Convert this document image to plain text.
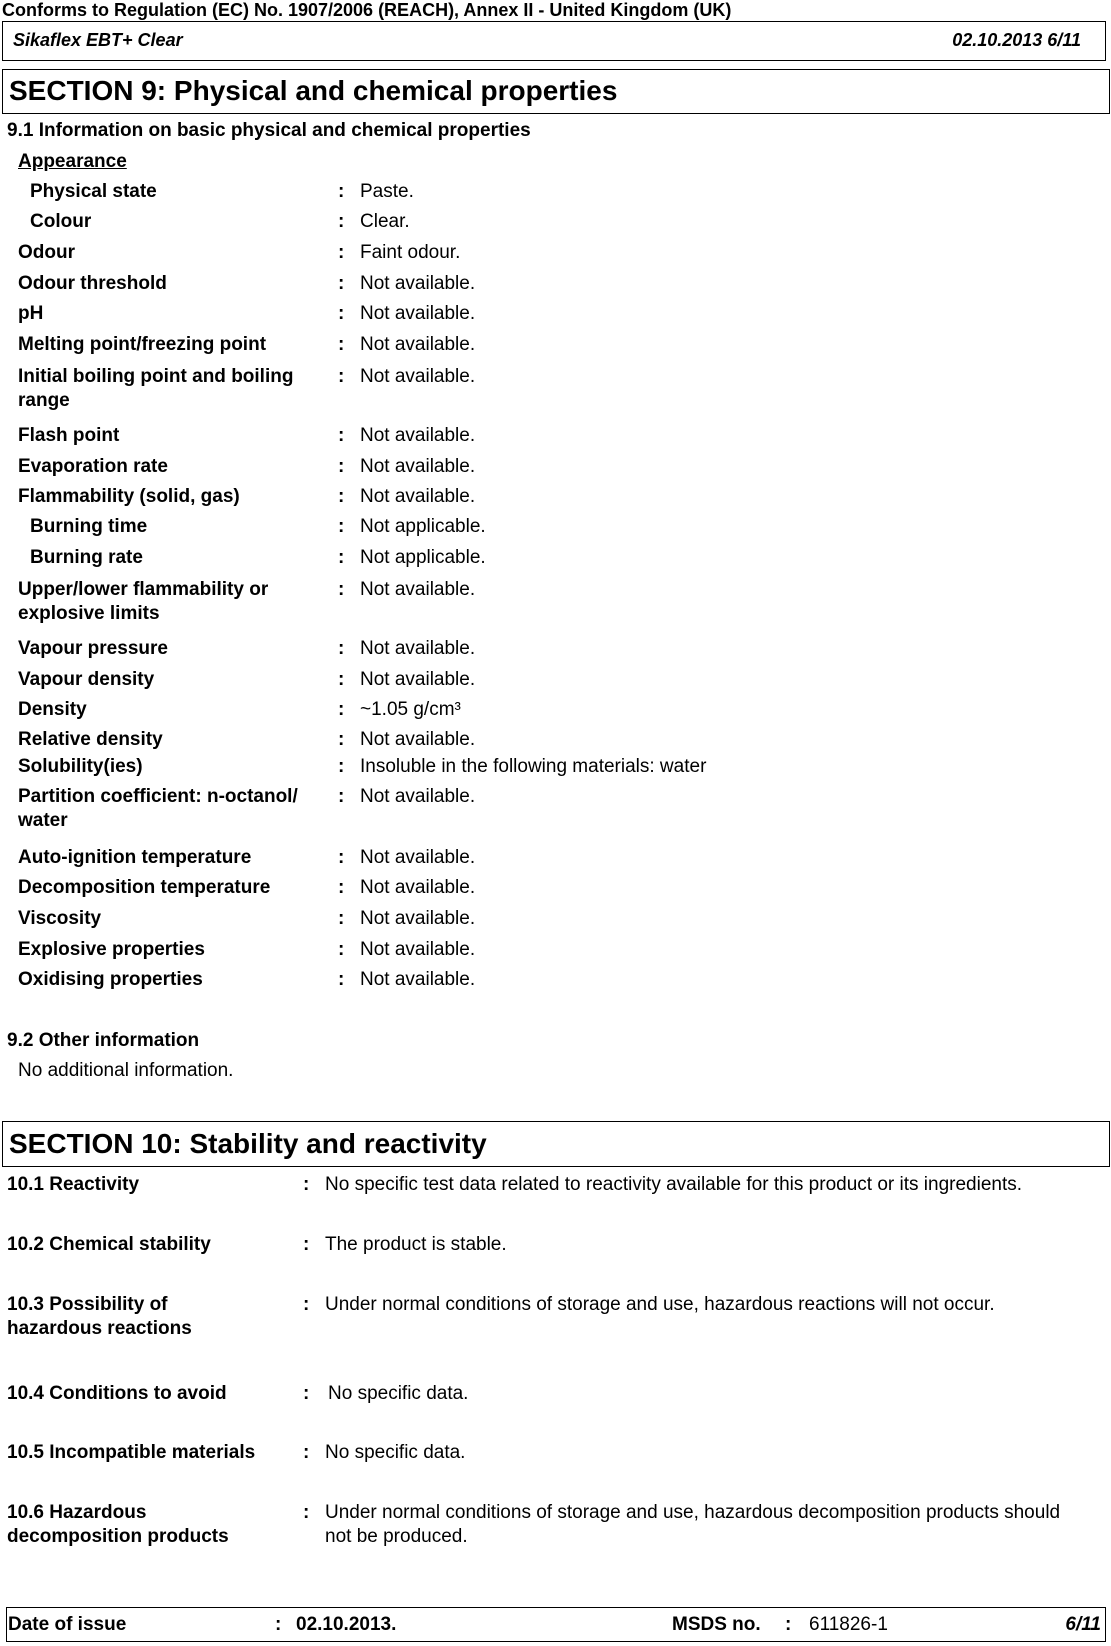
Conforms to Regulation (EC) No. 1907/2006 (REACH), Annex II - United Kingdom (UK)
Sikaflex EBT+ Clear	02.10.2013 6/11
SECTION 9: Physical and chemical properties
9.1 Information on basic physical and chemical properties
Appearance
Physical state	: Paste.
Colour	: Clear.
Odour	: Faint odour.
Odour threshold	: Not available.
pH	: Not available.
Melting point/freezing point	: Not available.
Initial boiling point and boiling range
: Not available.
Flash point	: Not available.
Evaporation rate	: Not available.
Flammability (solid, gas)	: Not available.
Burning time	: Not applicable.
Burning rate	: Not applicable.
Upper/lower flammability or explosive limits
: Not available.
Vapour pressure	: Not available.
Vapour density	: Not available.
Density	: ~1.05 g/cm³
Relative density	: Not available.
Solubility(ies)	: Insoluble in the following materials: water
Partition coefficient: n-octanol/ water
: Not available.
Auto-ignition temperature	: Not available.
Decomposition temperature	: Not available.
Viscosity	: Not available.
Explosive properties	: Not available.
Oxidising properties	: Not available.
9.2 Other information
No additional information.
SECTION 10: Stability and reactivity
10.1 Reactivity	: No specific test data related to reactivity available for this product or its ingredients.
10.2 Chemical stability	: The product is stable.
10.3 Possibility of hazardous reactions
: Under normal conditions of storage and use, hazardous reactions will not occur.
10.4 Conditions to avoid	: No specific data.
10.5 Incompatible materials	: No specific data.
10.6 Hazardous decomposition products
: Under normal conditions of storage and use, hazardous decomposition products should not be produced.
Date of issue	: 02.10.2013.	MSDS no. : 611826-1	6/11
